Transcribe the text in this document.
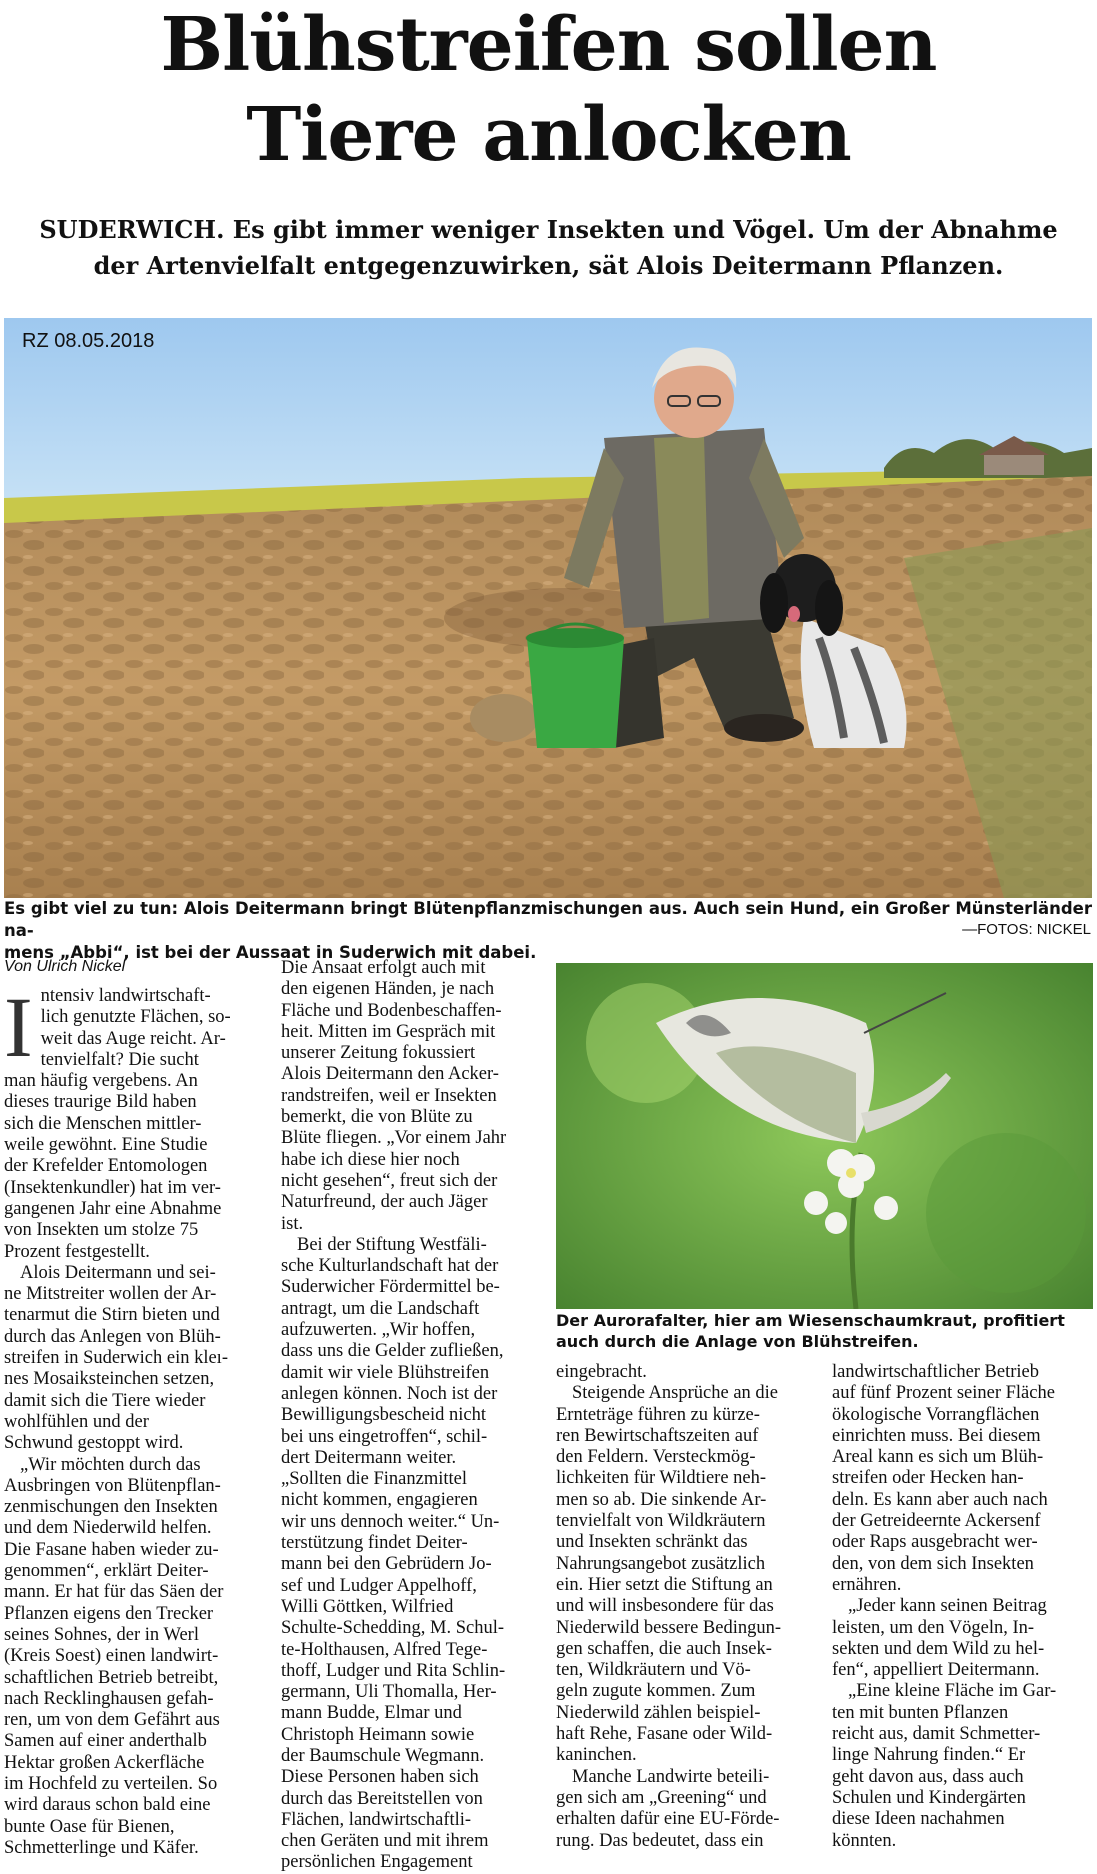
Blühstreifen sollen
Tiere anlocken
SUDERWICH. Es gibt immer weniger Insekten und Vögel. Um der Abnahme
der Artenvielfalt entgegenzuwirken, sät Alois Deitermann Pflanzen.
RZ 08.05.2018
Es gibt viel zu tun: Alois Deitermann bringt Blütenpflanzmischungen aus. Auch sein Hund, ein Großer Münsterländer na-
mens „Abbi“, ist bei der Aussaat in Suderwich mit dabei.
—FOTOS: NICKEL
Von Ulrich Nickel
I ntensiv landwirtschaft-
lich genutzte Flächen, so-
weit das Auge reicht. Ar-
tenvielfalt? Die sucht
man häufig vergebens. An
dieses traurige Bild haben
sich die Menschen mittler-
weile gewöhnt. Eine Studie
der Krefelder Entomologen
(Insektenkundler) hat im ver-
gangenen Jahr eine Abnahme
von Insekten um stolze 75
Prozent festgestellt.
Alois Deitermann und sei-
ne Mitstreiter wollen der Ar-
tenarmut die Stirn bieten und
durch das Anlegen von Blüh-
streifen in Suderwich ein kleı-
nes Mosaiksteinchen setzen,
damit sich die Tiere wieder
wohlfühlen und der
Schwund gestoppt wird.
„Wir möchten durch das
Ausbringen von Blütenpflan-
zenmischungen den Insekten
und dem Niederwild helfen.
Die Fasane haben wieder zu-
genommen“, erklärt Deiter-
mann. Er hat für das Säen der
Pflanzen eigens den Trecker
seines Sohnes, der in Werl
(Kreis Soest) einen landwirt-
schaftlichen Betrieb betreibt,
nach Recklinghausen gefah-
ren, um von dem Gefährt aus
Samen auf einer anderthalb
Hektar großen Ackerfläche
im Hochfeld zu verteilen. So
wird daraus schon bald eine
bunte Oase für Bienen,
Schmetterlinge und Käfer.
Die Ansaat erfolgt auch mit
den eigenen Händen, je nach
Fläche und Bodenbeschaffen-
heit. Mitten im Gespräch mit
unserer Zeitung fokussiert
Alois Deitermann den Acker-
randstreifen, weil er Insekten
bemerkt, die von Blüte zu
Blüte fliegen. „Vor einem Jahr
habe ich diese hier noch
nicht gesehen“, freut sich der
Naturfreund, der auch Jäger
ist.
Bei der Stiftung Westfäli-
sche Kulturlandschaft hat der
Suderwicher Fördermittel be-
antragt, um die Landschaft
aufzuwerten. „Wir hoffen,
dass uns die Gelder zufließen,
damit wir viele Blühstreifen
anlegen können. Noch ist der
Bewilligungsbescheid nicht
bei uns eingetroffen“, schil-
dert Deitermann weiter.
„Sollten die Finanzmittel
nicht kommen, engagieren
wir uns dennoch weiter.“ Un-
terstützung findet Deiter-
mann bei den Gebrüdern Jo-
sef und Ludger Appelhoff,
Willi Göttken, Wilfried
Schulte-Schedding, M. Schul-
te-Holthausen, Alfred Tege-
thoff, Ludger und Rita Schlin-
germann, Uli Thomalla, Her-
mann Budde, Elmar und
Christoph Heimann sowie
der Baumschule Wegmann.
Diese Personen haben sich
durch das Bereitstellen von
Flächen, landwirtschaftli-
chen Geräten und mit ihrem
persönlichen Engagement
Der Aurorafalter, hier am Wiesenschaumkraut, profitiert
auch durch die Anlage von Blühstreifen.
eingebracht.
Steigende Ansprüche an die
Ernteträge führen zu kürze-
ren Bewirtschaftszeiten auf
den Feldern. Versteckmög-
lichkeiten für Wildtiere neh-
men so ab. Die sinkende Ar-
tenvielfalt von Wildkräutern
und Insekten schränkt das
Nahrungsangebot zusätzlich
ein. Hier setzt die Stiftung an
und will insbesondere für das
Niederwild bessere Bedingun-
gen schaffen, die auch Insek-
ten, Wildkräutern und Vö-
geln zugute kommen. Zum
Niederwild zählen beispiel-
haft Rehe, Fasane oder Wild-
kaninchen.
Manche Landwirte beteili-
gen sich am „Greening“ und
erhalten dafür eine EU-Förde-
rung. Das bedeutet, dass ein
landwirtschaftlicher Betrieb
auf fünf Prozent seiner Fläche
ökologische Vorrangflächen
einrichten muss. Bei diesem
Areal kann es sich um Blüh-
streifen oder Hecken han-
deln. Es kann aber auch nach
der Getreideernte Ackersenf
oder Raps ausgebracht wer-
den, von dem sich Insekten
ernähren.
„Jeder kann seinen Beitrag
leisten, um den Vögeln, In-
sekten und dem Wild zu hel-
fen“, appelliert Deitermann.
„Eine kleine Fläche im Gar-
ten mit bunten Pflanzen
reicht aus, damit Schmetter-
linge Nahrung finden.“ Er
geht davon aus, dass auch
Schulen und Kindergärten
diese Ideen nachahmen
könnten.
